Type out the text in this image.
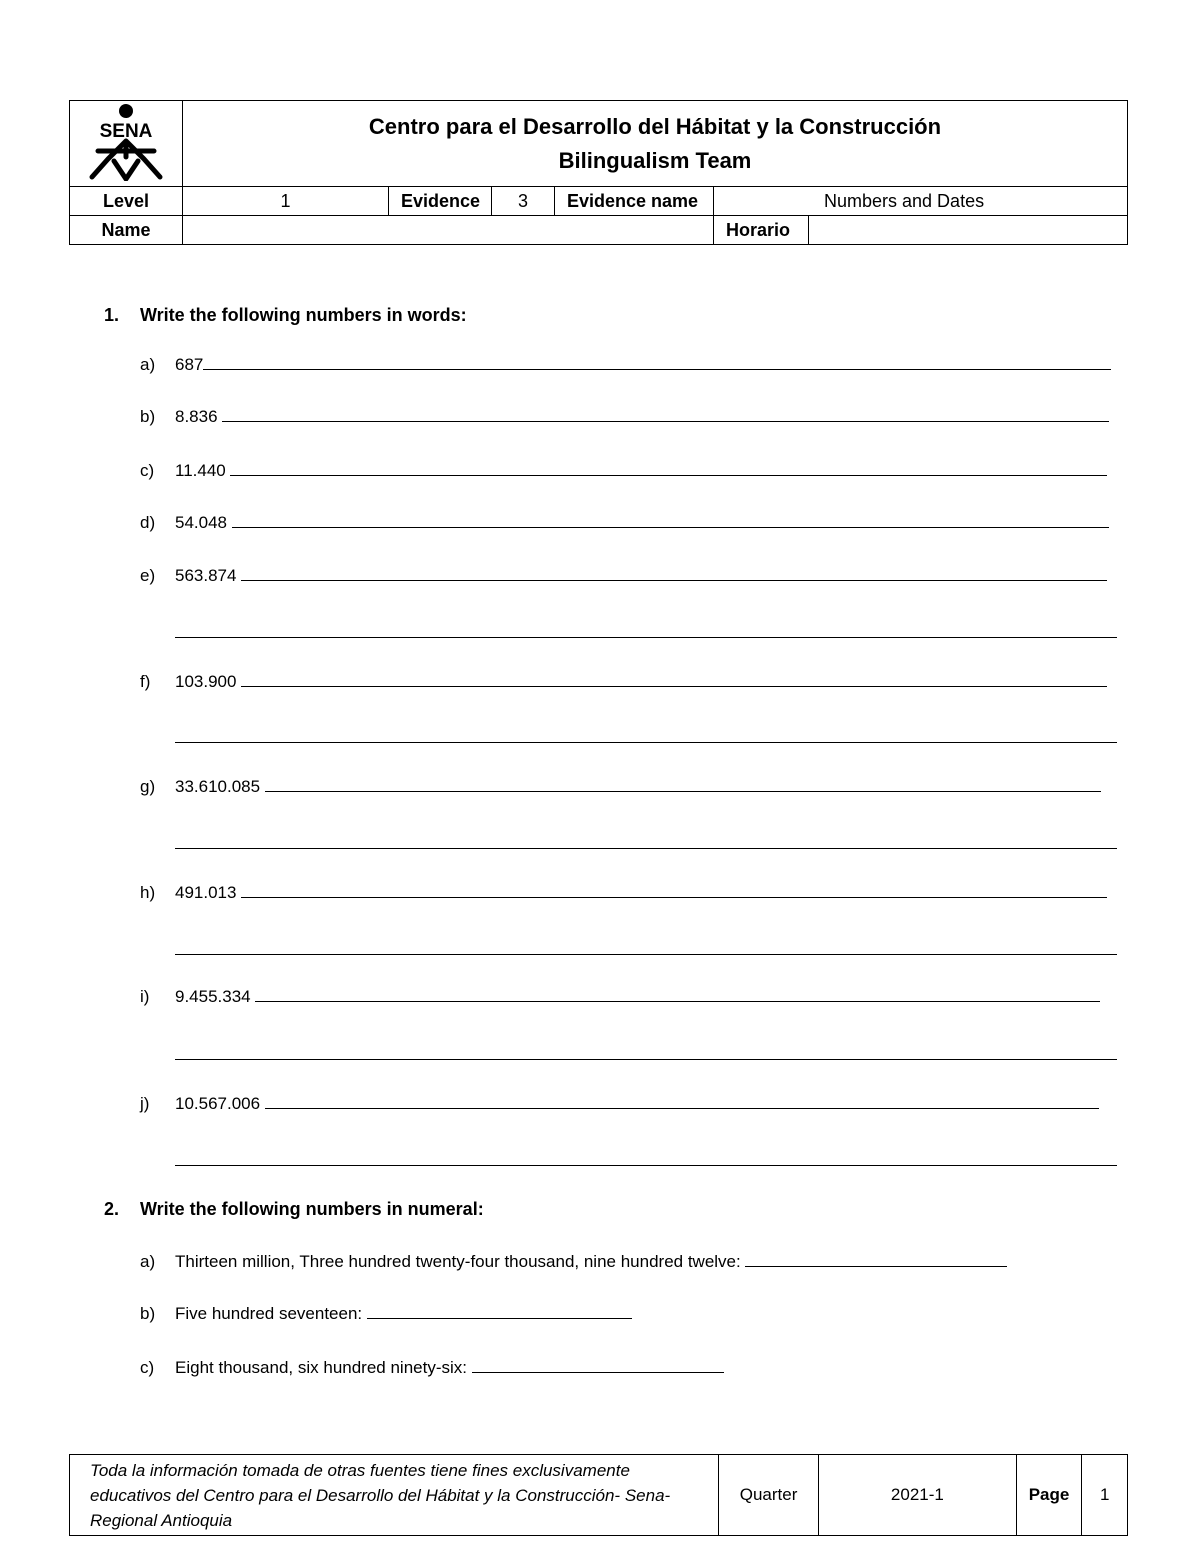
SENA	Centro para el Desarrollo del Hábitat y la Construcción
Bilingualism Team					

Level	1	Evidence	3	Evidence name	Numbers and Dates	
Name					Horario	
1. Write the following numbers in words:
a) 687
b) 8.836
c) 11.440
d) 54.048
e) 563.874
f) 103.900
g) 33.610.085
h) 491.013
i) 9.455.334
j) 10.567.006
2. Write the following numbers in numeral:
a) Thirteen million, Three hundred twenty-four thousand, nine hundred twelve:
b) Five hundred seventeen:
c) Eight thousand, six hundred ninety-six:
Toda la información tomada de otras fuentes tiene fines exclusivamente educativos del Centro para el Desarrollo del Hábitat y la Construcción- Sena- Regional Antioquia	Quarter	2021-1	Page	1
